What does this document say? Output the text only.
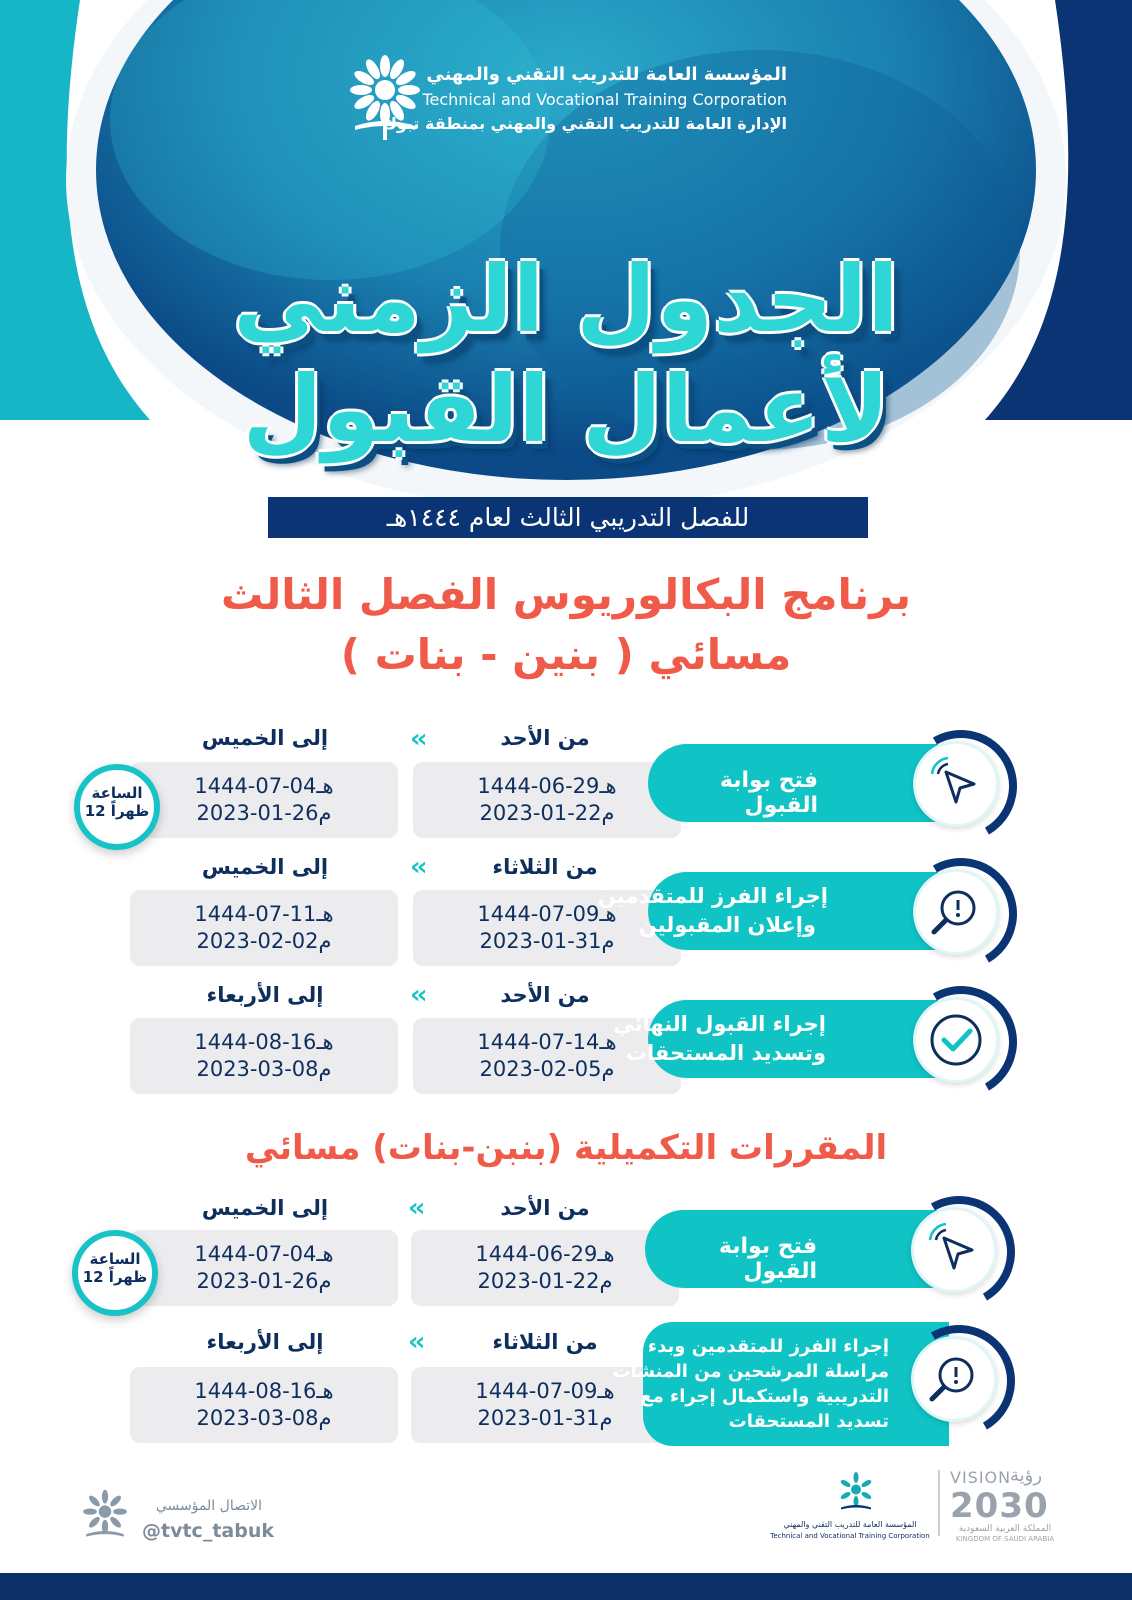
المؤسسة العامة للتدريب التقني والمهني
Technical and Vocational Training Corporation
الإدارة العامة للتدريب التقني والمهني بمنطقة تبوك
الجدول الزمني
لأعمال القبول
للفصل التدريبي الثالث لعام ١٤٤٤هـ
برنامج البكالوريوس الفصل الثالث
( بنين - بنات ) مسائي
من الأحد
‹‹
إلى الخميس
1444-06-29هـ
2023-01-22م
1444-07-04هـ
2023-01-26م
فتح بوابة القبول
الساعة
12 ظهراً
من الثلاثاء
‹‹
إلى الخميس
1444-07-09هـ
2023-01-31م
1444-07-11هـ
2023-02-02م
إجراء الفرز للمتقدمين
وإعلان المقبولين
من الأحد
‹‹
إلى الأربعاء
1444-07-14هـ
2023-02-05م
1444-08-16هـ
2023-03-08م
إجراء القبول النهائي
وتسديد المستحقات
المقررات التكميلية (بنبن-بنات) مسائي
من الأحد
‹‹
إلى الخميس
1444-06-29هـ
2023-01-22م
1444-07-04هـ
2023-01-26م
فتح بوابة القبول
الساعة
12 ظهراً
من الثلاثاء
‹‹
إلى الأربعاء
1444-07-09هـ
2023-01-31م
1444-08-16هـ
2023-03-08م
إجراء الفرز للمتقدمين وبدء
مراسلة المرشحين من المنشآت
التدريبية واستكمال إجراء مع
تسديد المستحقات
الاتصال المؤسسي
@tvtc_tabuk	المؤسسة العامة للتدريب التقني والمهني
Technical and Vocational Training Corporation
VISION
رؤية
2030
المملكة العربية السعودية
KINGDOM OF SAUDI ARABIA
